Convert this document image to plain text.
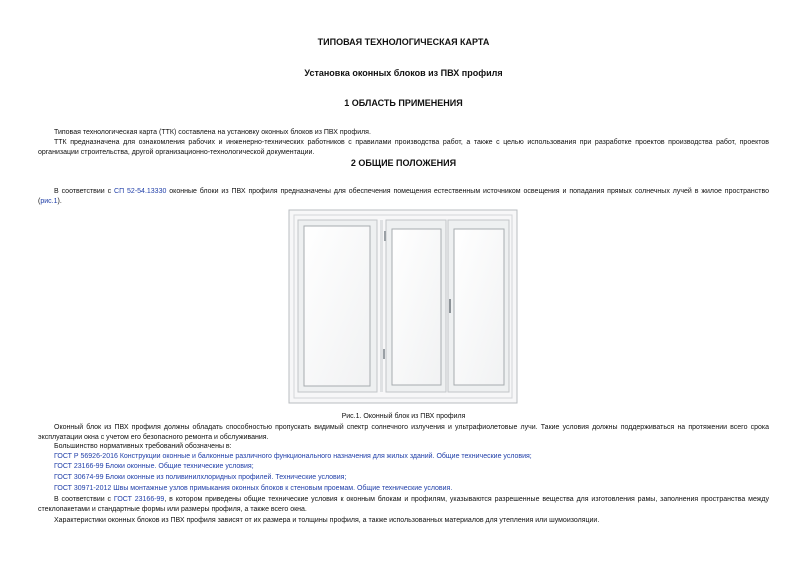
ТИПОВАЯ ТЕХНОЛОГИЧЕСКАЯ КАРТА
Установка оконных блоков из ПВХ профиля
1 ОБЛАСТЬ ПРИМЕНЕНИЯ
Типовая технологическая карта (ТТК) составлена на установку оконных блоков из ПВХ профиля.
ТТК предназначена для ознакомления рабочих и инженерно-технических работников с правилами производства работ, а также с целью использования при разработке проектов производства работ, проектов организации строительства, другой организационно-технологической документации.
2 ОБЩИЕ ПОЛОЖЕНИЯ
В соответствии с СП 52-54.13330 оконные блоки из ПВХ профиля предназначены для обеспечения помещения естественным источником освещения и попадания прямых солнечных лучей в жилое пространство (рис.1).
Рис.1. Оконный блок из ПВХ профиля
Оконный блок из ПВХ профиля должны обладать способностью пропускать видимый спектр солнечного излучения и ультрафиолетовые лучи. Такие условия должны поддерживаться на протяжении всего срока эксплуатации окна с учетом его безопасного ремонта и обслуживания.
Большинство нормативных требований обозначены в:
ГОСТ Р 56926-2016 Конструкции оконные и балконные различного функционального назначения для жилых зданий. Общие технические условия;
ГОСТ 23166-99 Блоки оконные. Общие технические условия;
ГОСТ 30674-99 Блоки оконные из поливинилхлоридных профилей. Технические условия;
ГОСТ 30971-2012 Швы монтажные узлов примыкания оконных блоков к стеновым проемам. Общие технические условия.
В соответствии с ГОСТ 23166-99, в котором приведены общие технические условия к оконным блокам и профилям, указываются разрешенные вещества для изготовления рамы, заполнения пространства между стеклопакетами и стандартные формы или размеры профиля, а также всего окна.
Характеристики оконных блоков из ПВХ профиля зависят от их размера и толщины профиля, а также использованных материалов для утепления или шумоизоляции.
